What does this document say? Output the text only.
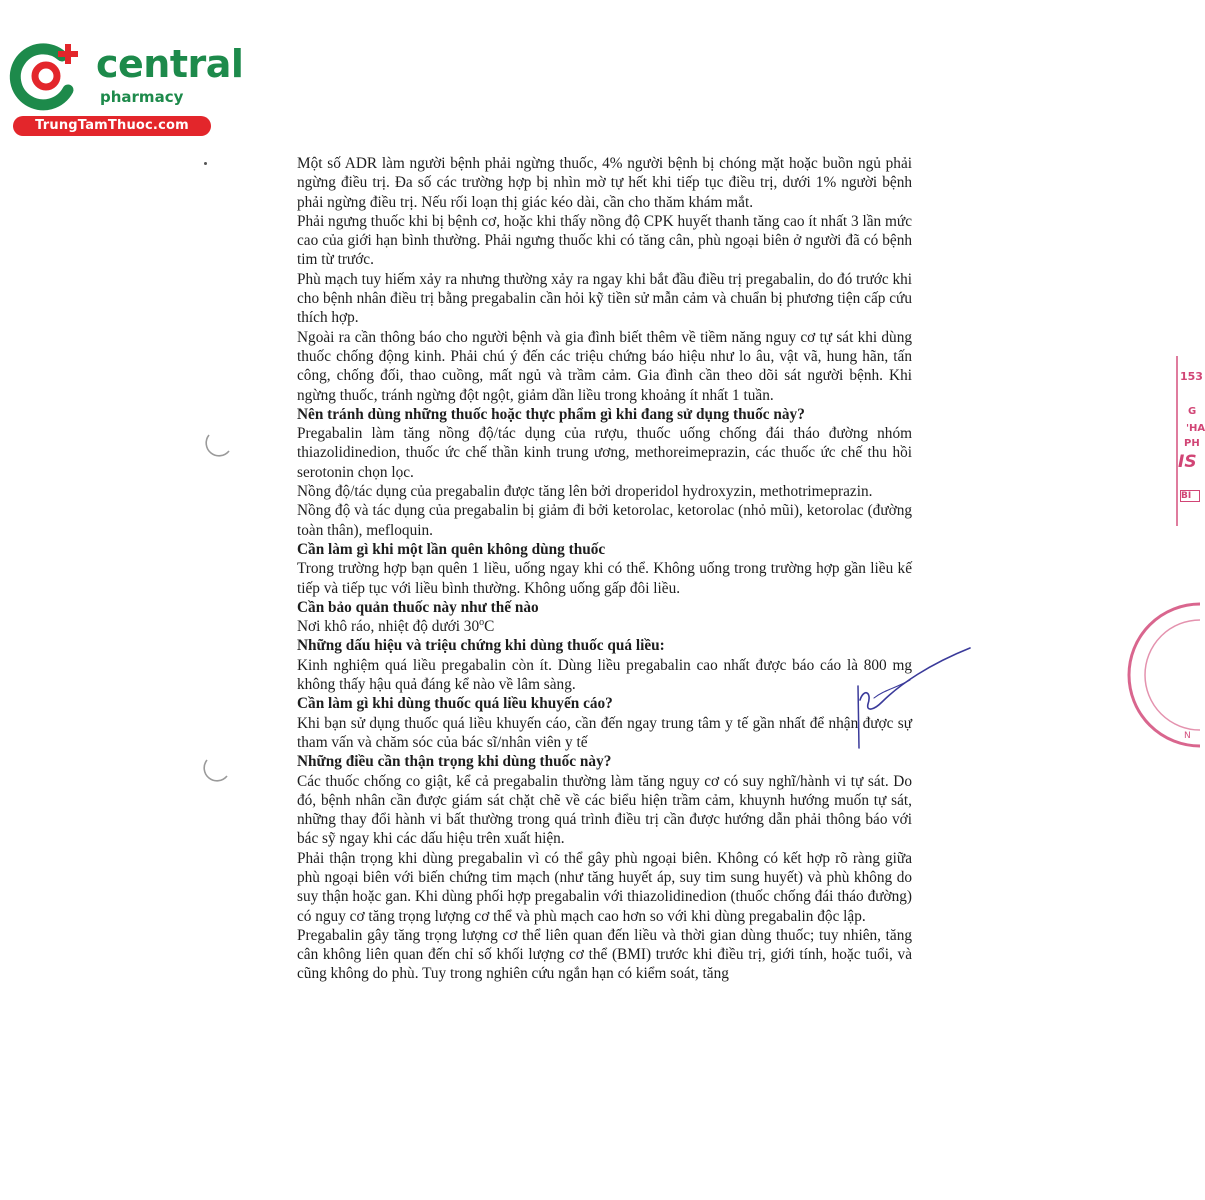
central
pharmacy
TrungTamThuoc.com

Một số ADR làm người bệnh phải ngừng thuốc, 4% người bệnh bị chóng mặt hoặc buồn ngủ phải ngừng điều trị. Đa số các trường hợp bị nhìn mờ tự hết khi tiếp tục điều trị, dưới 1% người bệnh phải ngừng điều trị. Nếu rối loạn thị giác kéo dài, cần cho thăm khám mắt.

Phải ngưng thuốc khi bị bệnh cơ, hoặc khi thấy nồng độ CPK huyết thanh tăng cao ít nhất 3 lần mức cao của giới hạn bình thường. Phải ngưng thuốc khi có tăng cân, phù ngoại biên ở người đã có bệnh tim từ trước.

Phù mạch tuy hiếm xảy ra nhưng thường xảy ra ngay khi bắt đầu điều trị pregabalin, do đó trước khi cho bệnh nhân điều trị bằng pregabalin cần hỏi kỹ tiền sử mẫn cảm và chuẩn bị phương tiện cấp cứu thích hợp.

Ngoài ra cần thông báo cho người bệnh và gia đình biết thêm về tiềm năng nguy cơ tự sát khi dùng thuốc chống động kinh. Phải chú ý đến các triệu chứng báo hiệu như lo âu, vật vã, hung hãn, tấn công, chống đối, thao cuồng, mất ngủ và trầm cảm. Gia đình cần theo dõi sát người bệnh. Khi ngừng thuốc, tránh ngừng đột ngột, giảm dần liều trong khoảng ít nhất 1 tuần.

Nên tránh dùng những thuốc hoặc thực phẩm gì khi đang sử dụng thuốc này?

Pregabalin làm tăng nồng độ/tác dụng của rượu, thuốc uống chống đái tháo đường nhóm thiazolidinedion, thuốc ức chế thần kinh trung ương, methoreimeprazin, các thuốc ức chế thu hồi serotonin chọn lọc.

Nồng độ/tác dụng của pregabalin được tăng lên bởi droperidol hydroxyzin, methotrimeprazin.

Nồng độ và tác dụng của pregabalin bị giảm đi bởi ketorolac, ketorolac (nhỏ mũi), ketorolac (đường toàn thân), mefloquin.

Cần làm gì khi một lần quên không dùng thuốc

Trong trường hợp bạn quên 1 liều, uống ngay khi có thể. Không uống trong trường hợp gần liều kế tiếp và tiếp tục với liều bình thường. Không uống gấp đôi liều.

Cần bảo quản thuốc này như thế nào

Nơi khô ráo, nhiệt độ dưới 30$^o$C

Những dấu hiệu và triệu chứng khi dùng thuốc quá liều:

Kinh nghiệm quá liều pregabalin còn ít. Dùng liều pregabalin cao nhất được báo cáo là 800 mg không thấy hậu quả đáng kể nào về lâm sàng.

Cần làm gì khi dùng thuốc quá liều khuyến cáo?

Khi bạn sử dụng thuốc quá liều khuyến cáo, cần đến ngay trung tâm y tế gần nhất để nhận được sự tham vấn và chăm sóc của bác sĩ/nhân viên y tế

Những điều cần thận trọng khi dùng thuốc này?

Các thuốc chống co giật, kể cả pregabalin thường làm tăng nguy cơ có suy nghĩ/hành vi tự sát. Do đó, bệnh nhân cần được giám sát chặt chẽ về các biểu hiện trầm cảm, khuynh hướng muốn tự sát, những thay đổi hành vi bất thường trong quá trình điều trị cần được hướng dẫn phải thông báo với bác sỹ ngay khi các dấu hiệu trên xuất hiện.

Phải thận trọng khi dùng pregabalin vì có thể gây phù ngoại biên. Không có kết hợp rõ ràng giữa phù ngoại biên với biến chứng tim mạch (như tăng huyết áp, suy tim sung huyết) và phù không do suy thận hoặc gan. Khi dùng phối hợp pregabalin với thiazolidinedion (thuốc chống đái tháo đường) có nguy cơ tăng trọng lượng cơ thể và phù mạch cao hơn so với khi dùng pregabalin độc lập.

Pregabalin gây tăng trọng lượng cơ thể liên quan đến liều và thời gian dùng thuốc; tuy nhiên, tăng cân không liên quan đến chỉ số khối lượng cơ thể (BMI) trước khi điều trị, giới tính, hoặc tuổi, và cũng không do phù. Tuy trong nghiên cứu ngắn hạn có kiểm soát, tăng

153
G
'HA
PH
IS
BI
N
